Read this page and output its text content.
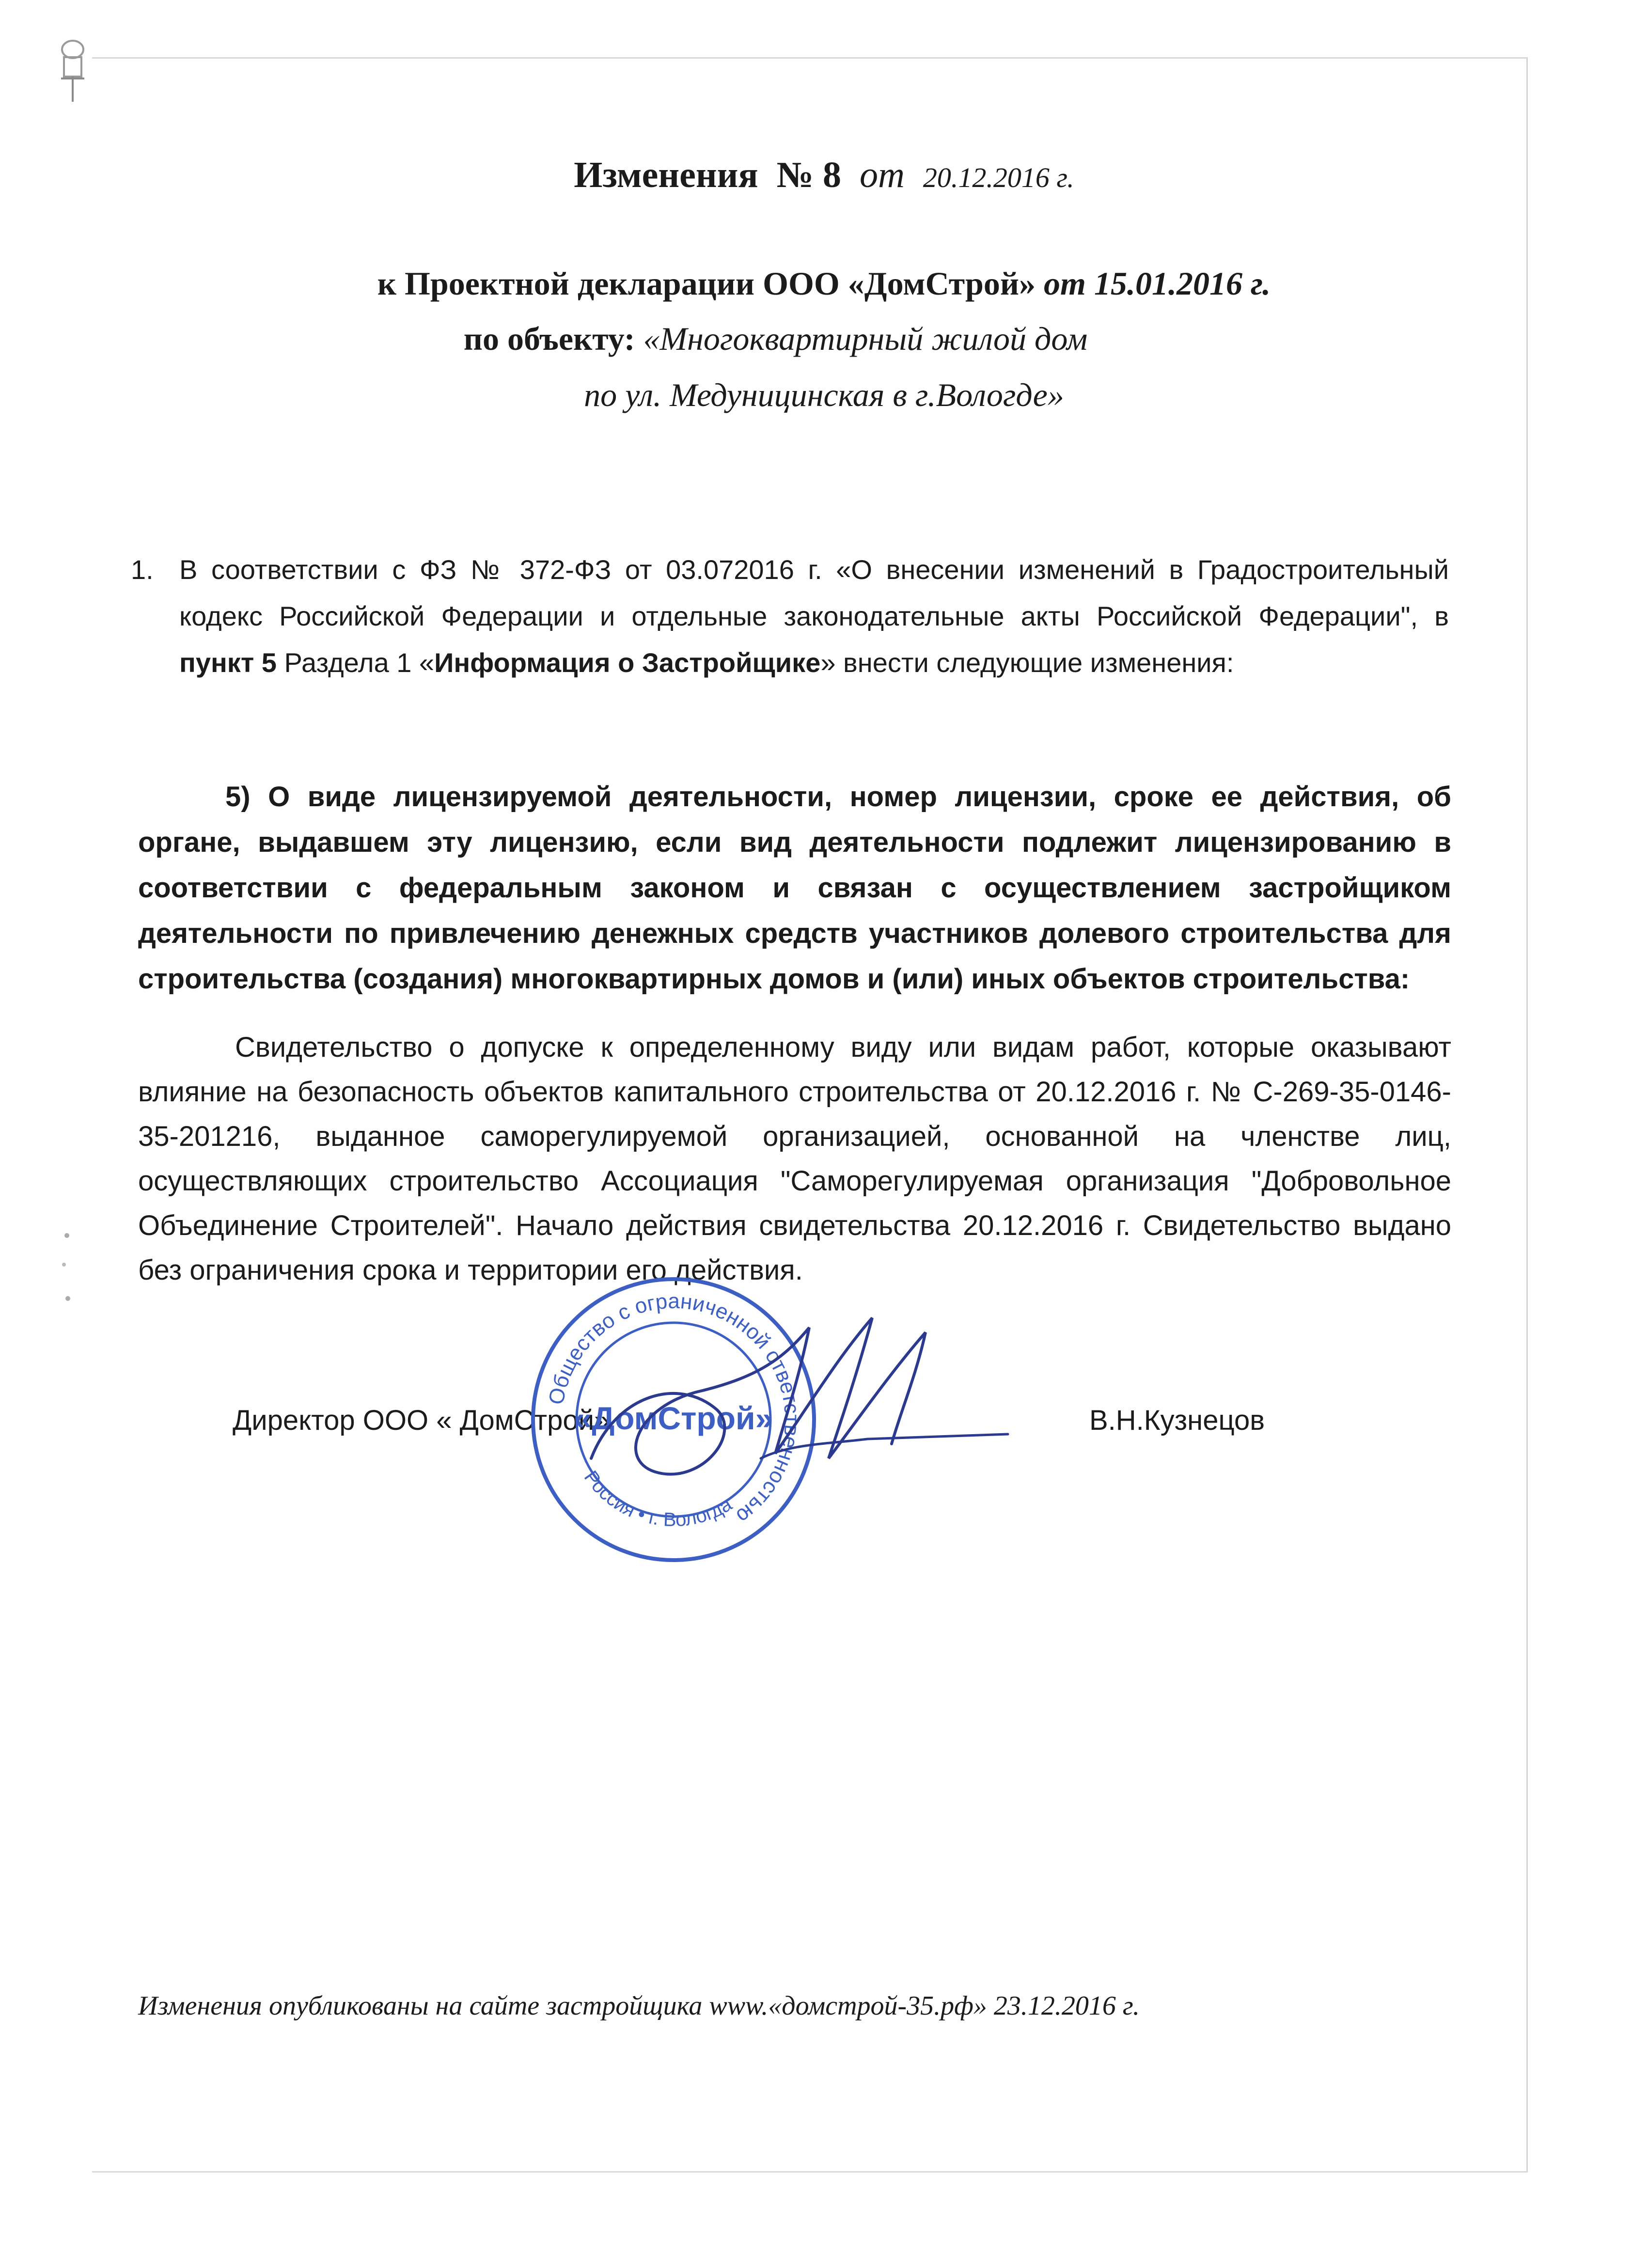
Изменения № 8 от 20.12.2016 г.
к Проектной декларации ООО «ДомСтрой» от 15.01.2016 г.
по объекту: «Многоквартирный жилой дом
по ул. Медуницинская в г.Вологде»
1. В соответствии с ФЗ № 372-ФЗ от 03.072016 г. «О внесении изменений в Градостроительный кодекс Российской Федерации и отдельные законодательные акты Российской Федерации", в пункт 5 Раздела 1 «Информация о Застройщике» внести следующие изменения:
5) О виде лицензируемой деятельности, номер лицензии, сроке ее действия, об органе, выдавшем эту лицензию, если вид деятельности подлежит лицензированию в соответствии с федеральным законом и связан с осуществлением застройщиком деятельности по привлечению денежных средств участников долевого строительства для строительства (создания) многоквартирных домов и (или) иных объектов строительства:
Свидетельство о допуске к определенному виду или видам работ, которые оказывают влияние на безопасность объектов капитального строительства от 20.12.2016 г. № С-269-35-0146-35-201216, выданное саморегулируемой организацией, основанной на членстве лиц, осуществляющих строительство Ассоциация "Саморегулируемая организация "Добровольное Объединение Строителей". Начало действия свидетельства 20.12.2016 г. Свидетельство выдано без ограничения срока и территории его действия.
Директор ООО « ДомСтрой»	В.Н.Кузнецов
Общество с ограниченной ответственностью
Россия • г. Вологда
«ДомСтрой»
Изменения опубликованы на сайте застройщика www.«домстрой-35.рф» 23.12.2016 г.
